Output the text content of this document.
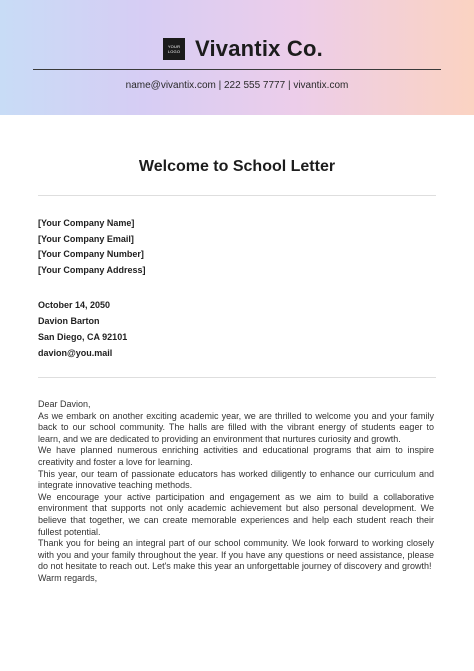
YOUR LOGO Vivantix Co.
name@vivantix.com | 222 555 7777 | vivantix.com
Welcome to School Letter
[Your Company Name]
[Your Company Email]
[Your Company Number]
[Your Company Address]
October 14, 2050
Davion Barton
San Diego, CA 92101
davion@you.mail

Dear Davion,

As we embark on another exciting academic year, we are thrilled to welcome you and your family back to our school community. The halls are filled with the vibrant energy of students eager to learn, and we are dedicated to providing an environment that nurtures curiosity and growth.

We have planned numerous enriching activities and educational programs that aim to inspire creativity and foster a love for learning.

This year, our team of passionate educators has worked diligently to enhance our curriculum and integrate innovative teaching methods.

We encourage your active participation and engagement as we aim to build a collaborative environment that supports not only academic achievement but also personal development. We believe that together, we can create memorable experiences and help each student reach their fullest potential.

Thank you for being an integral part of our school community. We look forward to working closely with you and your family throughout the year. If you have any questions or need assistance, please do not hesitate to reach out. Let's make this year an unforgettable journey of discovery and growth!

Warm regards,
